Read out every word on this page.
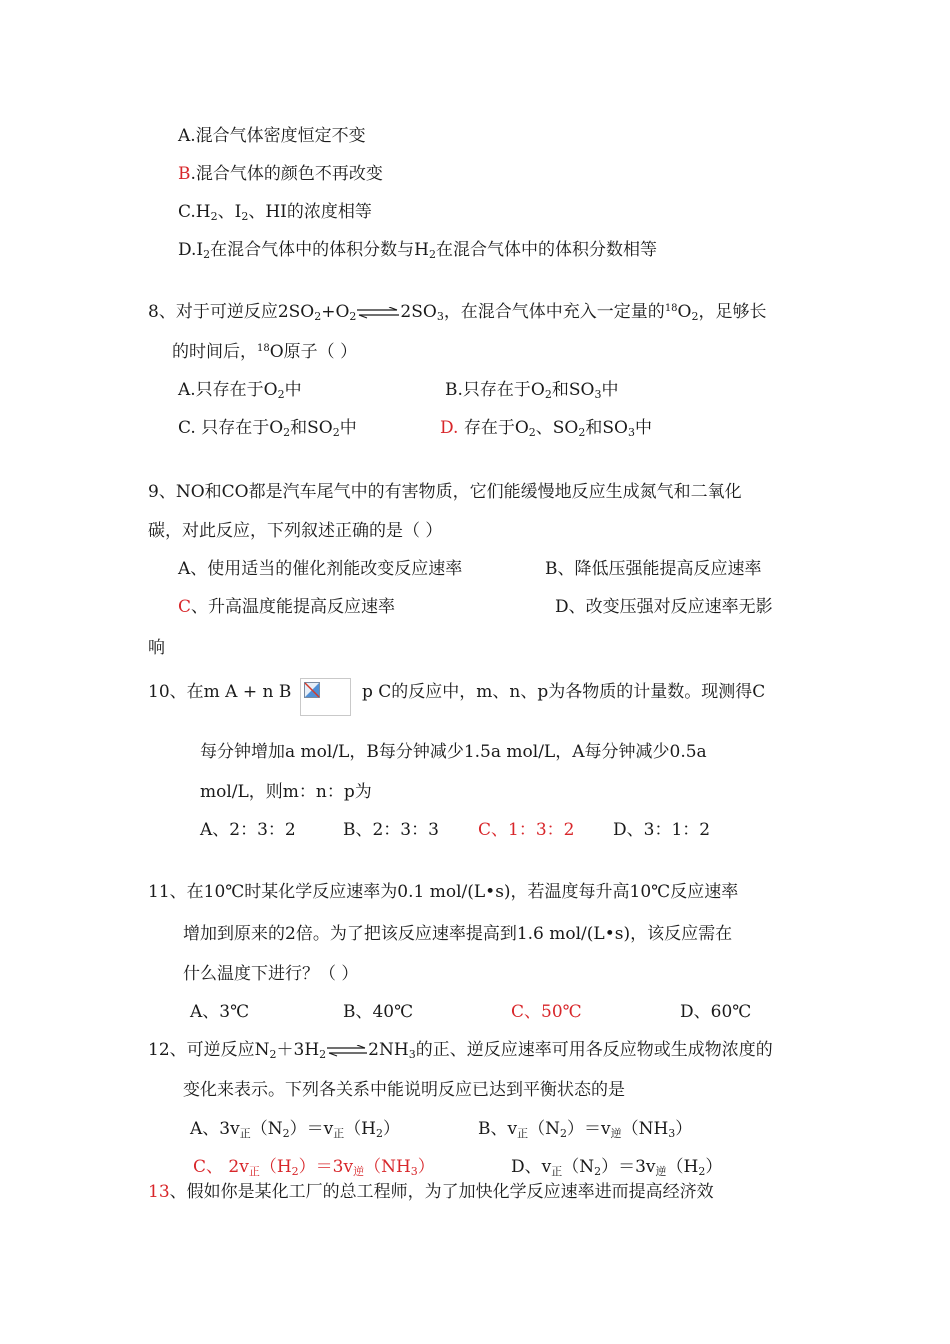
A.混合气体密度恒定不变
B.混合气体的颜色不再改变
$C.H_2$、$I_2$、HI的浓度相等
$D.I_2$在混合气体中的体积分数与$H_2$在混合气体中的体积分数相等
8、对于可逆反应$2SO_2+O_2\rightleftharpoons 2SO_3$，在混合气体中充入一定量的$^{18}O_2$，足够长
的时间后，$^{18}$O原子（ ）
A.只存在于$O_2$中	B.只存在于$O_2$和$SO_3$中
C. 只存在于$O_2$和$SO_2$中	D. 存在于$O_2$、$SO_2$和$SO_3$中
9、NO和CO都是汽车尾气中的有害物质，它们能缓慢地反应生成氮气和二氧化
碳，对此反应，下列叙述正确的是（ ）
A、使用适当的催化剂能改变反应速率	B、降低压强能提高反应速率
C、升高温度能提高反应速率	D、改变压强对反应速率无影
响
10、在m A + n B	p C的反应中，m、n、p为各物质的计量数。现测得C
每分钟增加a mol/L，B每分钟减少1.5a mol/L，A每分钟减少0.5a
mol/L，则m：n：p为
A、2：3：2	B、2：3：3 C、1：3：2 D、3：1：2
11、在10℃时某化学反应速率为0.1 mol/(L•s)，若温度每升高10℃反应速率
增加到原来的2倍。为了把该反应速率提高到1.6 mol/(L•s)，该反应需在
什么温度下进行？（ ）
A、3℃	B、40℃	C、50℃	D、60℃
12、可逆反应$N_2+3H_2\rightleftharpoons 2NH_3$的正、逆反应速率可用各反应物或生成物浓度的
变化来表示。下列各关系中能说明反应已达到平衡状态的是
A、$3v_正(N_2)=v_正(H_2)$	B、$v_正(N_2)=v_逆(NH_3)$
C、 $2v_正(H_2)=3v_逆(NH_3)$	D、$v_正(N_2)=3v_逆(H_2)$
13、假如你是某化工厂的总工程师，为了加快化学反应速率进而提高经济效
